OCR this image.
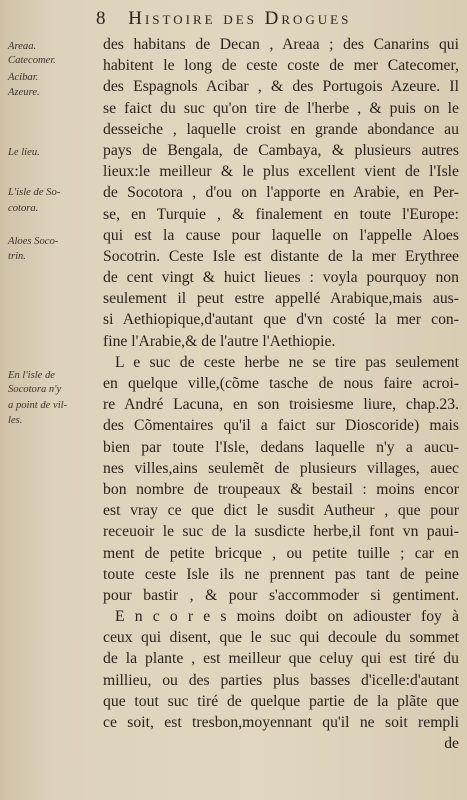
8 Histoire des Drogues
Areaa.
Catecomer.
Acibar.
Azeure.
Le lieu.
L'isle de So-
cotora.
Aloes Soco-
trin.
En l'isle de
Socotora n'y
a point de vil-
les.
des habitans de Decan , Areaa ; des Canarins qui
habitent le long de ceste coste de mer Catecomer,
des Espagnols Acibar , & des Portugois Azeure. Il
se faict du suc qu'on tire de l'herbe , & puis on le
desseiche , laquelle croist en grande abondance au
pays de Bengala, de Cambaya, & plusieurs autres
lieux:le meilleur & le plus excellent vient de l'Isle
de Socotora , d'ou on l'apporte en Arabie, en Per-
se, en Turquie , & finalement en toute l'Europe:
qui est la cause pour laquelle on l'appelle Aloes
Socotrin. Ceste Isle est distante de la mer Erythree
de cent vingt & huict lieues : voyla pourquoy non
seulement il peut estre appellé Arabique,mais aus-
si Aethiopique,d'autant que d'vn costé la mer con-
fine l'Arabie,& de l'autre l'Aethiopie.
L e suc de ceste herbe ne se tire pas seulement
en quelque ville,(cõme tasche de nous faire acroi-
re André Lacuna, en son troisiesme liure, chap.23.
des Cõmentaires qu'il a faict sur Dioscoride) mais
bien par toute l'Isle, dedans laquelle n'y a aucu-
nes villes,ains seulemẽt de plusieurs villages, auec
bon nombre de troupeaux & bestail : moins encor
est vray ce que dict le susdit Autheur , que pour
receuoir le suc de la susdicte herbe,il font vn paui-
ment de petite bricque , ou petite tuille ; car en
toute ceste Isle ils ne prennent pas tant de peine
pour bastir , & pour s'accommoder si gentiment.
E n c o r e s moins doibt on adiouster foy à
ceux qui disent, que le suc qui decoule du sommet
de la plante , est meilleur que celuy qui est tiré du
millieu, ou des parties plus basses d'icelle:d'autant
que tout suc tiré de quelque partie de la plãte que
ce soit, est tresbon,moyennant qu'il ne soit rempli
de
